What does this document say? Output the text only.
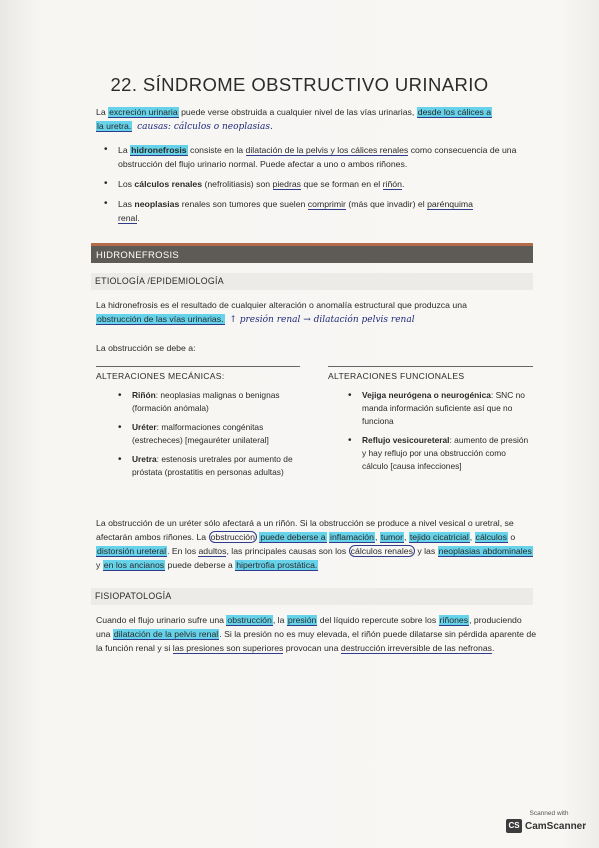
22. SÍNDROME OBSTRUCTIVO URINARIO
La excreción urinaria puede verse obstruida a cualquier nivel de las vías urinarias, desde los cálices a
la uretra. causas: cálculos o neoplasias.
• La hidronefrosis consiste en la dilatación de la pelvis y los cálices renales como consecuencia de una obstrucción del flujo urinario normal. Puede afectar a uno o ambos riñones.
• Los cálculos renales (nefrolitiasis) son piedras que se forman en el riñón.
• Las neoplasias renales son tumores que suelen comprimir (más que invadir) el parénquima
renal.
HIDRONEFROSIS
ETIOLOGÍA /EPIDEMIOLOGÍA
La hidronefrosis es el resultado de cualquier alteración o anomalía estructural que produzca una
obstrucción de las vías urinarias. ↑ presión renal → dilatación pelvis renal
La obstrucción se debe a:
ALTERACIONES MECÁNICAS:	ALTERACIONES FUNCIONALES
• Riñón: neoplasias malignas o benignas (formación anómala)
• Uréter: malformaciones congénitas (estrecheces) [megauréter unilateral]
• Uretra: estenosis uretrales por aumento de próstata (prostatitis en personas adultas)
• Vejiga neurógena o neurogénica: SNC no manda información suficiente así que no funciona
• Reflujo vesicoureteral: aumento de presión y hay reflujo por una obstrucción como cálculo [causa infecciones]
La obstrucción de un uréter sólo afectará a un riñón. Si la obstrucción se produce a nivel vesical o uretral, se afectarán ambos riñones. La obstrucción puede deberse a inflamación, tumor, tejido cicatricial, cálculos o distorsión ureteral. En los adultos, las principales causas son los cálculos renales y las neoplasias abdominales y en los ancianos puede deberse a hipertrofia prostática.
FISIOPATOLOGÍA
Cuando el flujo urinario sufre una obstrucción, la presión del líquido repercute sobre los riñones, produciendo una dilatación de la pelvis renal. Si la presión no es muy elevada, el riñón puede dilatarse sin pérdida aparente de la función renal y si las presiones son superiores provocan una destrucción irreversible de las nefronas.
Scanned with
CS CamScanner
